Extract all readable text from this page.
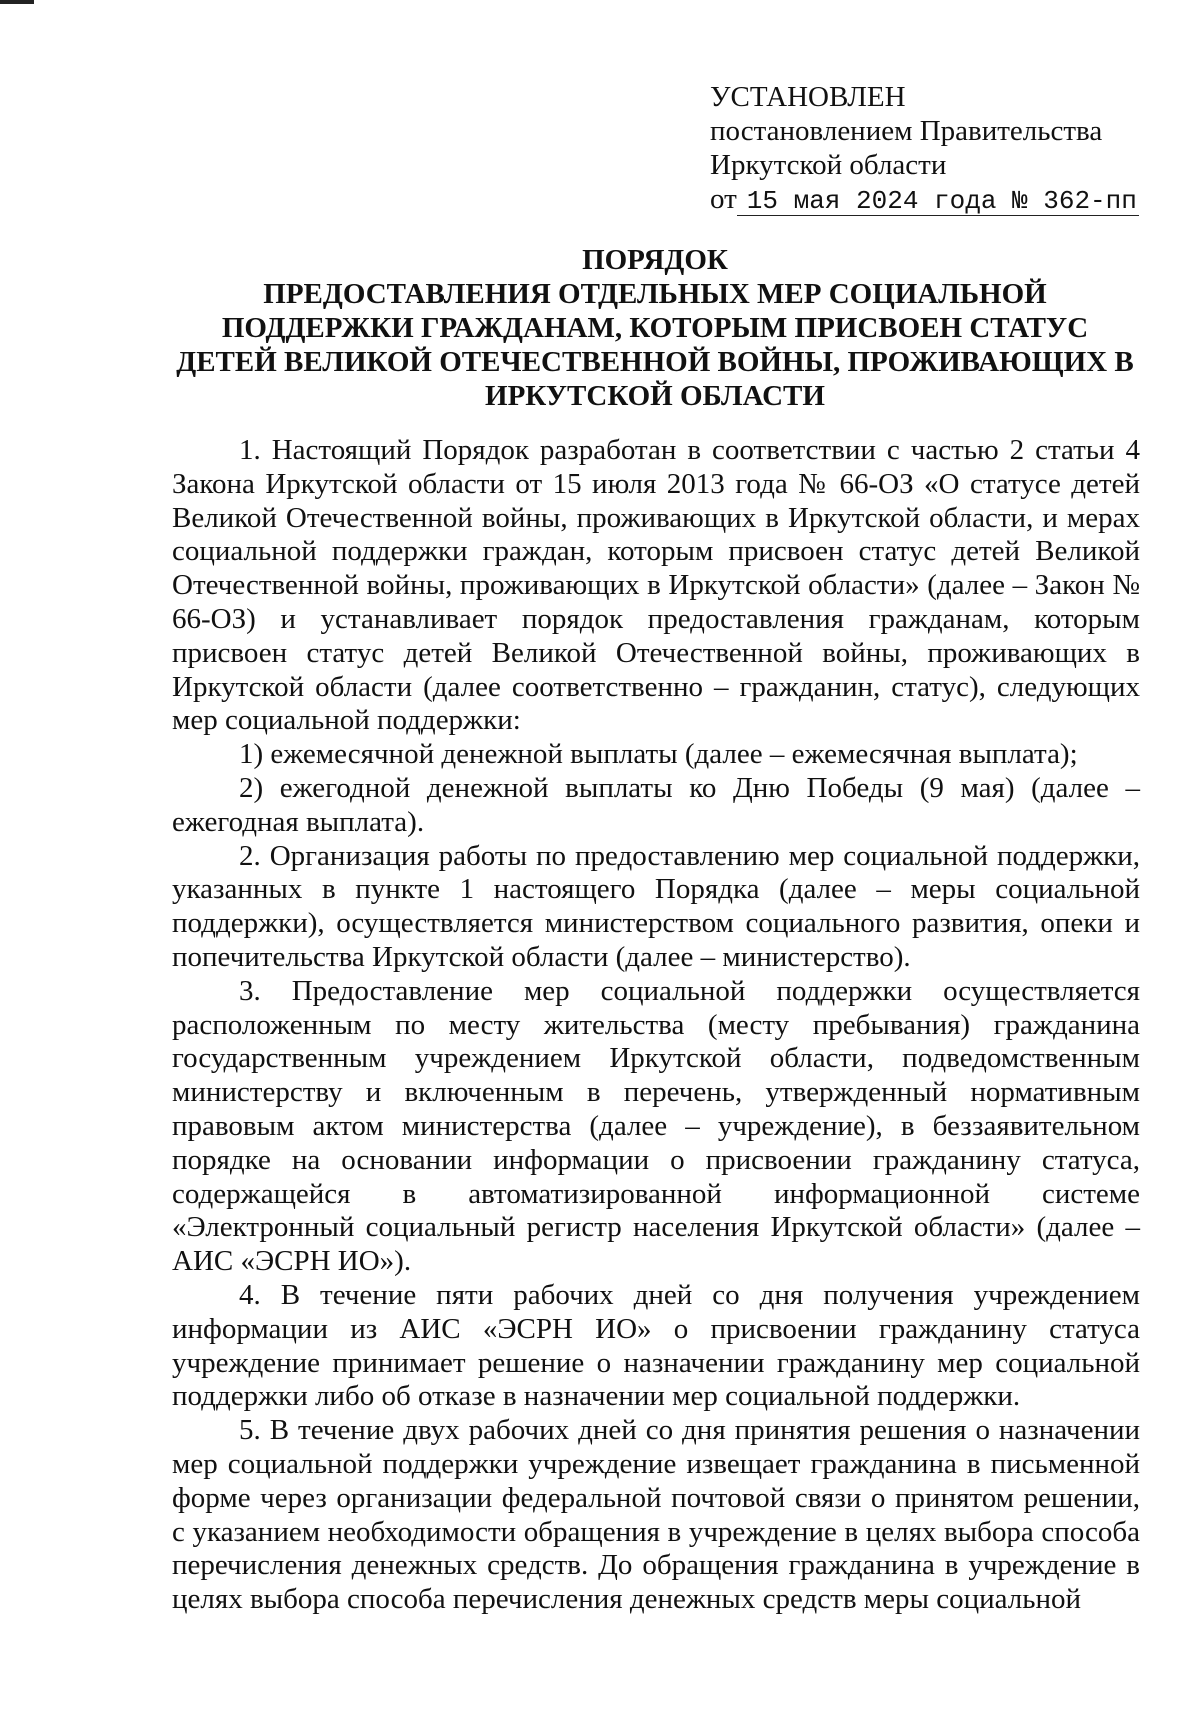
УСТАНОВЛЕН
постановлением Правительства
Иркутской области
от 15 мая 2024 года № 362-пп
ПОРЯДОК
ПРЕДОСТАВЛЕНИЯ ОТДЕЛЬНЫХ МЕР СОЦИАЛЬНОЙ ПОДДЕРЖКИ ГРАЖДАНАМ, КОТОРЫМ ПРИСВОЕН СТАТУС ДЕТЕЙ ВЕЛИКОЙ ОТЕЧЕСТВЕННОЙ ВОЙНЫ, ПРОЖИВАЮЩИХ В ИРКУТСКОЙ ОБЛАСТИ

1. Настоящий Порядок разработан в соответствии с частью 2 статьи 4 Закона Иркутской области от 15 июля 2013 года № 66-ОЗ «О статусе детей Великой Отечественной войны, проживающих в Иркутской области, и мерах социальной поддержки граждан, которым присвоен статус детей Великой Отечественной войны, проживающих в Иркутской области» (далее – Закон № 66-ОЗ) и устанавливает порядок предоставления гражданам, которым присвоен статус детей Великой Отечественной войны, проживающих в Иркутской области (далее соответственно – гражданин, статус), следующих мер социальной поддержки:

1) ежемесячной денежной выплаты (далее – ежемесячная выплата);

2) ежегодной денежной выплаты ко Дню Победы (9 мая) (далее – ежегодная выплата).

2. Организация работы по предоставлению мер социальной поддержки, указанных в пункте 1 настоящего Порядка (далее – меры социальной поддержки), осуществляется министерством социального развития, опеки и попечительства Иркутской области (далее – министерство).

3. Предоставление мер социальной поддержки осуществляется расположенным по месту жительства (месту пребывания) гражданина государственным учреждением Иркутской области, подведомственным министерству и включенным в перечень, утвержденный нормативным правовым актом министерства (далее – учреждение), в беззаявительном порядке на основании информации о присвоении гражданину статуса, содержащейся в автоматизированной информационной системе «Электронный социальный регистр населения Иркутской области» (далее – АИС «ЭСРН ИО»).

4. В течение пяти рабочих дней со дня получения учреждением информации из АИС «ЭСРН ИО» о присвоении гражданину статуса учреждение принимает решение о назначении гражданину мер социальной поддержки либо об отказе в назначении мер социальной поддержки.

5. В течение двух рабочих дней со дня принятия решения о назначении мер социальной поддержки учреждение извещает гражданина в письменной форме через организации федеральной почтовой связи о принятом решении, с указанием необходимости обращения в учреждение в целях выбора способа перечисления денежных средств. До обращения гражданина в учреждение в целях выбора способа перечисления денежных средств меры социальной
